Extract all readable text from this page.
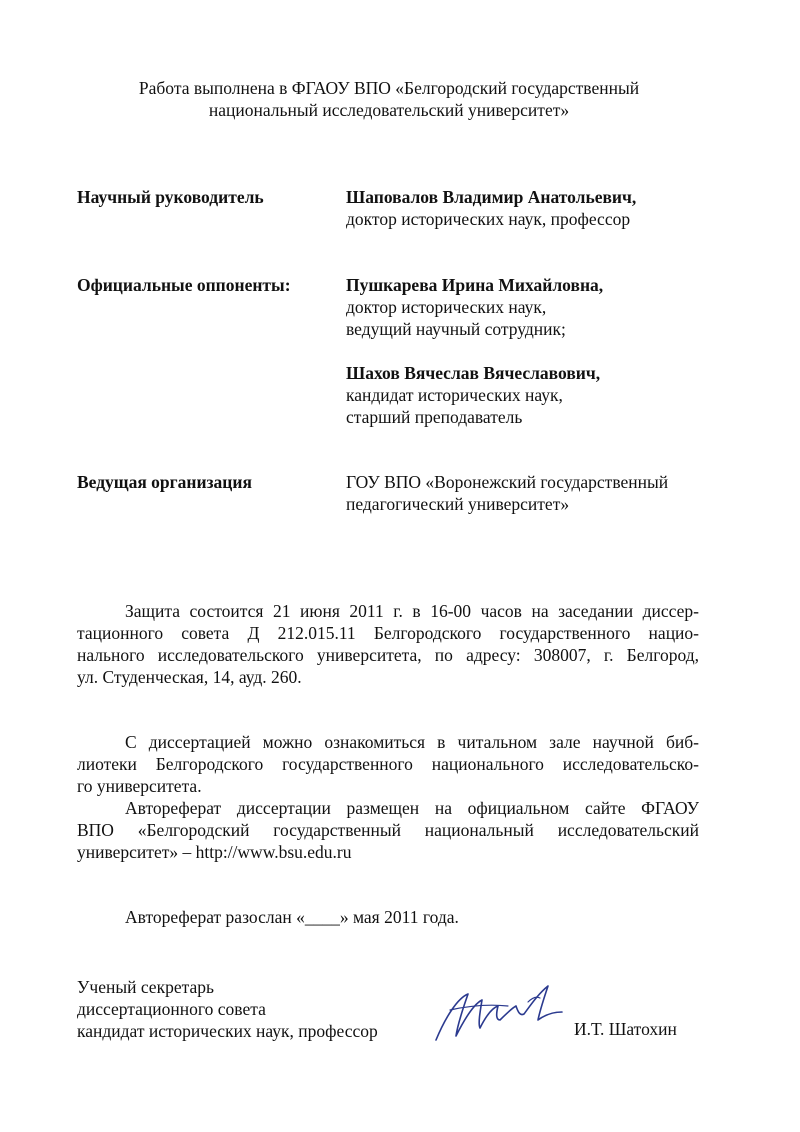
Работа выполнена в ФГАОУ ВПО «Белгородский государственный
национальный исследовательский университет»
Научный руководитель	Шаповалов Владимир Анатольевич,
доктор исторических наук, профессор
Официальные оппоненты:	Пушкарева Ирина Михайловна,
доктор исторических наук,
ведущий научный сотрудник;
Шахов Вячеслав Вячеславович,
кандидат исторических наук,
старший преподаватель
Ведущая организация	ГОУ ВПО «Воронежский государственный
педагогический университет»
Защита состоится 21 июня 2011 г. в 16-00 часов на заседании диссер-
тационного совета Д 212.015.11 Белгородского государственного нацио-
нального исследовательского университета, по адресу: 308007, г. Белгород,
ул. Студенческая, 14, ауд. 260.
С диссертацией можно ознакомиться в читальном зале научной биб-
лиотеки Белгородского государственного национального исследовательско-
го университета.
Автореферат диссертации размещен на официальном сайте ФГАОУ
ВПО «Белгородский государственный национальный исследовательский
университет» – http://www.bsu.edu.ru
Автореферат разослан «____» мая 2011 года.
Ученый секретарь
диссертационного совета
кандидат исторических наук, профессор	И.Т. Шатохин
